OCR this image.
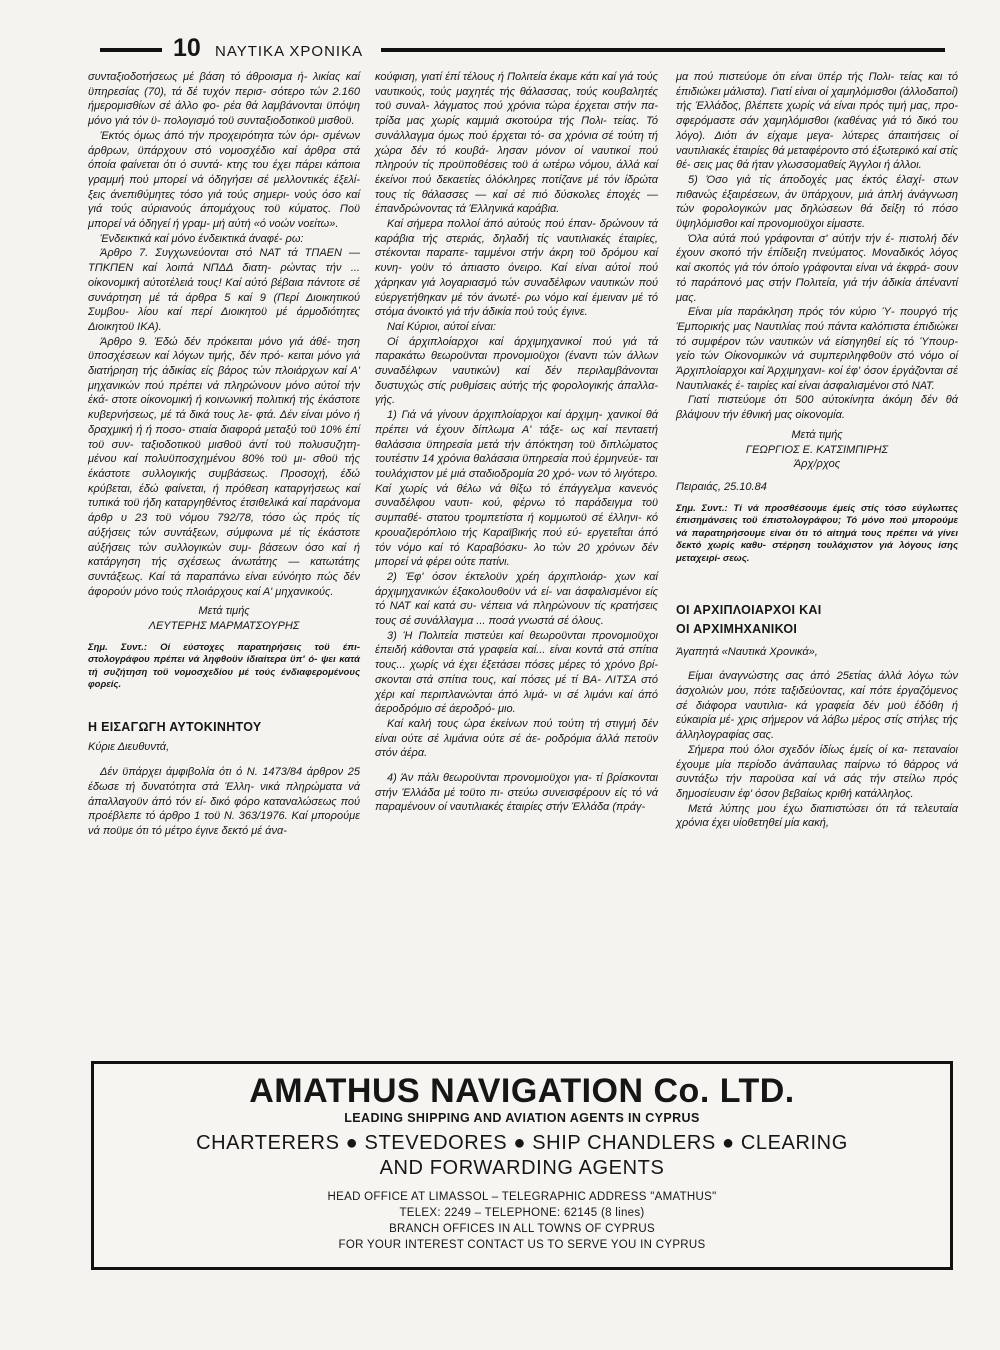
10 ΝΑΥΤΙΚΑ ΧΡΟΝΙΚΑ

συνταξιοδοτήσεως μέ βάση τό άθροισμα ή- λικίας καί ϋπηρεσίας (70), τά δέ τυχόν περισ- σότερο τών 2.160 ήμερομισθίων σέ άλλο φο- ρέα θά λαμβάνονται ϋπόψη μόνο γιά τόν ϋ- πολογισμό τοϋ συνταξιοδοτικοϋ μισθοϋ.

Έκτός όμως άπό τήν προχειρότητα τών όρι- σμένων άρθρων, ϋπάρχουν στό νομοσχέδιο καί άρθρα στά όποία φαίνεται ότι ό συντά- κτης του έχει πάρει κάποια γραμμή πού μπορεί νά όδηγήσει σέ μελλοντικές έξελί- ξεις άνεπιθύμητες τόσο γιά τούς σημερι- νούς όσο καί γιά τούς αύριανούς άπομάχους τοϋ κύματος. Ποϋ μπορεί νά όδηγεί ή γραμ- μή αύτή «ό νοών νοείτω».

Ένδεικτικά καί μόνο ένδεικτικά άναφέ- ρω:

Άρθρο 7. Συγχωνεύονται στό ΝΑΤ τά ΤΠΑΕΝ — ΤΠΚΠΕΝ καί λοιπά ΝΠΔΔ διατη- ρώντας τήν ... οίκονομική αύτοτέλειά τους! Καί αύτό βέβαια πάντοτε σέ συνάρτηση μέ τά άρθρα 5 καί 9 (Περί Διοικητικού Συμβου- λίου καί περί Διοικητοϋ μέ άρμοδιότητες Διοικητοϋ ΙΚΑ).

Άρθρο 9. Έδώ δέν πρόκειται μόνο γιά άθέ- τηση ϋποσχέσεων καί λόγων τιμής, δέν πρό- κειται μόνο γιά διατήρηση τής άδικίας είς βάρος τών πλοιάρχων καί Α' μηχανικών πού πρέπει νά πληρώνουν μόνο αύτοί τήν έκά- στοτε οίκονομική ή κοινωνική πολιτική τής έκάστοτε κυβερνήσεως, μέ τά δικά τους λε- φτά. Δέν είναι μόνο ή δραχμική ή ή ποσο- στιαία διαφορά μεταξύ τοϋ 10% έπί τοϋ συν- ταξιοδοτικοϋ μισθοϋ άντί τοϋ πολυσυζητη- μένου καί πολυϋποσχημένου 80% τοϋ μι- σθοϋ τής έκάστοτε συλλογικής συμβάσεως. Προσοχή, έδώ κρύβεται, έδώ φαίνεται, ή πρόθεση καταργήσεως καί τυπικά τοϋ ήδη καταργηθέντος έτσιθελικά καί παράνομα άρθρ υ 23 τοϋ νόμου 792/78, τόσο ώς πρός τίς αύξήσεις τών συντάξεων, σύμφωνα μέ τίς έκάστοτε αύξήσεις τών συλλογικών συμ- βάσεων όσο καί ή κατάργηση τής σχέσεως άνωτάτης — κατωτάτης συντάξεως. Καί τά παραπάνω είναι εύνόητο πώς δέν άφορούν μόνο τούς πλοιάρχους καί Α' μηχανικούς.

Μετά τιμής

ΛΕΥΤΕΡΗΣ ΜΑΡΜΑΤΣΟΥΡΗΣ

Σημ. Συντ.: Οί εύστοχες παρατηρήσεις τοϋ έπι- στολογράφου πρέπει νά ληφθοϋν ίδιαίτερα ϋπ' ό- ψει κατά τή συζήτηση τοϋ νομοσχεδίου μέ τούς ένδιαφερομένους φορείς.

Η ΕΙΣΑΓΩΓΗ ΑΥΤΟΚΙΝΗΤΟΥ

Κύριε Διευθυντά,

Δέν ϋπάρχει άμφιβολία ότι ό Ν. 1473/84 άρθρον 25 έδωσε τή δυνατότητα στά Έλλη- νικά πληρώματα νά άπαλλαγοϋν άπό τόν εί- δικό φόρο καταναλώσεως πού προέβλεπε τό άρθρο 1 τοϋ Ν. 363/1976. Καί μπορούμε νά ποϋμε ότι τό μέτρο έγινε δεκτό μέ άνα-

κούφιση, γιατί έπί τέλους ή Πολιτεία έκαμε κάτι καί γιά τούς ναυτικούς, τούς μαχητές τής θάλασσας, τούς κουβαλητές τοϋ συναλ- λάγματος πού χρόνια τώρα έρχεται στήν πα- τρίδα μας χωρίς καμμιά σκοτούρα τής Πολι- τείας. Τό συνάλλαγμα όμως πού έρχεται τό- σα χρόνια σέ τούτη τή χώρα δέν τό κουβά- λησαν μόνον οί ναυτικοί πού πληρούν τίς προϋποθέσεις τοϋ ά ωτέρω νόμου, άλλά καί έκείνοι πού δεκαετίες όλόκληρες ποτίζανε μέ τόν ίδρώτα τους τίς θάλασσες — καί σέ πιό δύσκολες έποχές — έπανδρώνοντας τά Έλληνικά καράβια.

Καί σήμερα πολλοί άπό αύτούς πού έπαν- δρώνουν τά καράβια τής στεριάς, δηλαδή τίς ναυτιλιακές έταιρίες, στέκονται παραπε- ταμμένοι στήν άκρη τοϋ δρόμου καί κυνη- γοϋν τό άπιαστο όνειρο. Καί είναι αύτοί πού χάρηκαν γιά λογαριασμό τών συναδέλφων ναυτικών πού εύεργετήθηκαν μέ τόν άνωτέ- ρω νόμο καί έμειναν μέ τό στόμα άνοικτό γιά τήν άδικία πού τούς έγινε.

Ναί Κύριοι, αύτοί είναι:

Οί άρχιπλοίαρχοι καί άρχιμηχανικοί πού γιά τά παρακάτω θεωροϋνται προνομιοϋχοι (έναντι τών άλλων συναδέλφων ναυτικών) καί δέν περιλαμβάνονται δυστυχώς στίς ρυθμίσεις αύτής τής φορολογικής άπαλλα- γής.

1) Γιά νά γίνουν άρχιπλοίαρχοι καί άρχιμη- χανικοί θά πρέπει νά έχουν δίπλωμα Α' τάξε- ως καί πενταετή θαλάσσια ϋπηρεσία μετά τήν άπόκτηση τοϋ διπλώματος τουτέστιν 14 χρόνια θαλάσσια ϋπηρεσία πού έρμηνεύε- ται τουλάχιστον μέ μιά σταδιοδρομία 20 χρό- νων τό λιγότερο. Καί χωρίς νά θέλω νά θίξω τό έπάγγελμα κανενός συναδέλφου ναυτι- κού, φέρνω τό παράδειγμα τοϋ συμπαθέ- στατου τρομπετίστα ή κομμωτοϋ σέ έλληνι- κό κρουαζιερόπλοιο τής Καραϊβικής πού εύ- εργετεΐται άπό τόν νόμο καί τό Καραβόσκυ- λο τών 20 χρόνων δέν μπορεί νά φέρει ούτε πατίνι.

2) Έφ' όσον έκτελοϋν χρέη άρχιπλοιάρ- χων καί άρχιμηχανικών έξακολουθοϋν νά εί- ναι άσφαλισμένοι είς τό ΝΑΤ καί κατά συ- νέπεια νά πληρώνουν τίς κρατήσεις τους σέ συνάλλαγμα ... ποσά γνωστά σέ όλους.

3) Ή Πολιτεία πιστεύει καί θεωροϋνται προνομιοϋχοι έπειδή κάθονται στά γραφεία καί... είναι κοντά στά σπίτια τους... χωρίς νά έχει έξετάσει πόσες μέρες τό χρόνο βρί- σκονται στά σπίτια τους, καί πόσες μέ τί ΒΑ- ΛΙΤΣΑ στό χέρι καί περιπλανώνται άπό λιμά- νι σέ λιμάνι καί άπό άεροδρόμιο σέ άεροδρό- μιο.

Καί καλή τους ώρα έκείνων πού τούτη τή στιγμή δέν είναι ούτε σέ λιμάνια ούτε σέ άε- ροδρόμια άλλά πετοϋν στόν άέρα.

4) Άν πάλι θεωροϋνται προνομιοϋχοι για- τί βρίσκονται στήν Έλλάδα μέ τοϋτο πι- στεύω συνεισφέρουν είς τό νά παραμένουν οί ναυτιλιακές έταιρίες στήν Έλλάδα (πράγ-

μα πού πιστεύομε ότι είναι ϋπέρ τής Πολι- τείας και τό έπιδιώκει μάλιστα). Γιατί είναι οί χαμηλόμισθοι (άλλοδαποί) τής Έλλάδος, βλέπετε χωρίς νά είναι πρός τιμή μας, προ- σφερόμαστε σάν χαμηλόμισθοι (καθένας γιά τό δικό του λόγο). Διότι άν είχαμε μεγα- λύτερες άπαιτήσεις οί ναυτιλιακές έταιρίες θά μεταφέροντο στό έξωτερικό καί στίς θέ- σεις μας θά ήταν γλωσσομαθείς Άγγλοι ή άλλοι.

5) Όσο γιά τίς άποδοχές μας έκτός έλαχί- στων πιθανώς έξαιρέσεων, άν ϋπάρχουν, μιά άπλή άνάγνωση τών φορολογικών μας δηλώσεων θά δείξη τό πόσο ϋψηλόμισθοι καί προνομιοϋχοι είμαστε.

Όλα αύτά πού γράφονται σ' αύτήν τήν έ- πιστολή δέν έχουν σκοπό τήν έπίδειξη πνεύματος. Μοναδικός λόγος καί σκοπός γιά τόν όποίο γράφονται είναι νά έκφρά- σουν τό παράπονό μας στήν Πολιτεία, γιά τήν άδικία άπέναντί μας.

Είναι μία παράκληση πρός τόν κύριο Ύ- πουργό τής Έμπορικής μας Ναυτιλίας πού πάντα καλόπιστα έπιδιώκει τό συμφέρον τών ναυτικών νά είσηγηθεί είς τό Ύπουρ- γείο τών Οίκονομικών νά συμπεριληφθοϋν στό νόμο οί Άρχιπλοίαρχοι καί Άρχιμηχανι- κοί έφ' όσον έργάζονται σέ Ναυτιλιακές έ- ταιρίες καί είναι άσφαλισμένοι στό ΝΑΤ.

Γιατί πιστεύομε ότι 500 αύτοκίνητα άκόμη δέν θά βλάψουν τήν έθνική μας οίκονομία.

Μετά τιμής

ΓΕΩΡΓΙΟΣ Ε. ΚΑΤΣΙΜΠΙΡΗΣ

Άρχ/ρχος

Πειραιάς, 25.10.84

Σημ. Συντ.: Τί νά προσθέσουμε έμείς στίς τόσο εύγλωττες έπισημάνσεις τοϋ έπιστολογράφου; Τό μόνο πού μπορούμε νά παρατηρήσουμε είναι ότι τό αίτημά τους πρέπει νά γίνει δεκτό χωρίς καθυ- στέρηση τουλάχιστον γιά λόγους ίσης μεταχειρί- σεως.

ΟΙ ΑΡΧΙΠΛΟΙΑΡΧΟΙ ΚΑΙ
ΟΙ ΑΡΧΙΜΗΧΑΝΙΚΟΙ

Άγαπητά «Ναυτικά Χρονικά»,

Είμαι άναγνώστης σας άπό 25ετίας άλλά λόγω τών άσχολιών μου, πότε ταξιδεύοντας, καί πότε έργαζόμενος σέ διάφορα ναυτιλια- κά γραφεία δέν μοϋ έδόθη ή εύκαιρία μέ- χρις σήμερον νά λάβω μέρος στίς στήλες τής άλληλογραφίας σας.

Σήμερα πού όλοι σχεδόν ίδίως έμείς οί κα- πεταναίοι έχουμε μία περίοδο άνάπαυλας παίρνω τό θάρρος νά συντάξω τήν παροϋσα καί νά σάς τήν στείλω πρός δημοσίευσιν έφ' όσον βεβαίως κριθή κατάλληλος.

Μετά λύπης μου έχω διαπιστώσει ότι τά τελευταία χρόνια έχει υίοθετηθεί μία κακή,

AMATHUS NAVIGATION Co. LTD.
LEADING SHIPPING AND AVIATION AGENTS IN CYPRUS
CHARTERERS ● STEVEDORES ● SHIP CHANDLERS ● CLEARING
AND FORWARDING AGENTS
HEAD OFFICE AT LIMASSOL – TELEGRAPHIC ADDRESS "AMATHUS"
TELEX: 2249 – TELEPHONE: 62145 (8 lines)
BRANCH OFFICES IN ALL TOWNS OF CYPRUS
FOR YOUR INTEREST CONTACT US TO SERVE YOU IN CYPRUS
